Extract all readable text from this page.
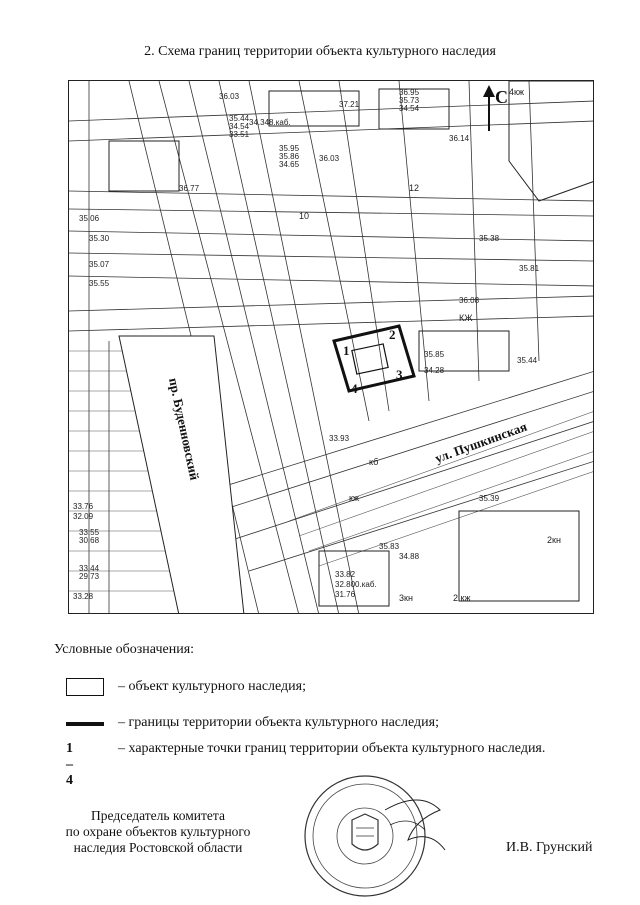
2. Схема границ территории объекта культурного наследия
1
2
3
4
пр. Буденновский	ул. Пушкинская
С
36.03
35.44
34.54
33.51
34.348.каб.
35.95
35.86
34.65
36.95
35.73
34.54
36.03
37.21
36.14
36.77
35.81
35.06
35.30
35.07
35.55
35.38
36.08
35.85
34.28
35.44
33.76
32.09
33.55
30.68
33.44
29.73
33.28
33.82
32.800.каб.
31.76
34.88
33.93
35.83
35.39
2кн
3кн
4кж
2 кж
КЖ
кб
кж
10
12
Условные обозначения:
– объект культурного наследия;
– границы территории объекта культурного наследия;
1 – 4
– характерные точки границ территории объекта культурного наследия.
Председатель комитета
по охране объектов культурного
наследия Ростовской области	И.В. Грунский
